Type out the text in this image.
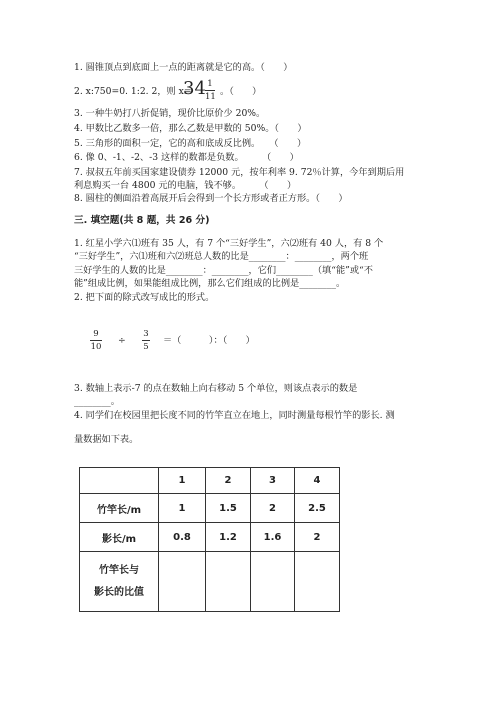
1. 圆锥顶点到底面上一点的距离就是它的高。（　　）
2. x:750=0. 1:2. 2，则 x=
34 1
11 。（　　）
3. 一种牛奶打八折促销，现价比原价少 20%。
4. 甲数比乙数多一倍，那么乙数是甲数的 50%。（　　）
5. 三角形的面积一定，它的高和底成反比例。　　（　　）
6. 像 0、-1、-2、-3 这样的数都是负数。　　　（　　）
7. 叔叔五年前买国家建设债券 12000 元，按年利率 9. 72％计算，今年到期后用
利息购买一台 4800 元的电脑，钱不够。　　　（　　）
8. 圆柱的侧面沿着高展开后会得到一个长方形或者正方形。（　　）
三. 填空题(共 8 题，共 26 分)
1. 红星小学六⑴班有 35 人，有 7 个“三好学生”，六⑵班有 40 人，有 8 个
“三好学生”，六⑴班和六⑵班总人数的比是________：________，两个班
三好学生的人数的比是________：________，它们________（填“能”或“不
能”组成比例，如果能组成比例，那么它们组成的比例是________。
2. 把下面的除式改写成比的形式。
9
10
÷
3
5
＝（　　　）：（　　）
3. 数轴上表示-7 的点在数轴上向右移动 5 个单位，则该点表示的数是
________。
4. 同学们在校园里把长度不同的竹竿直立在地上，同时测量每根竹竿的影长. 测
量数据如下表。
	1	2	3	4
竹竿长/m	1	1.5	2	2.5
影长/m	0.8	1.2	1.6	2
竹竿长与
影长的比值				
